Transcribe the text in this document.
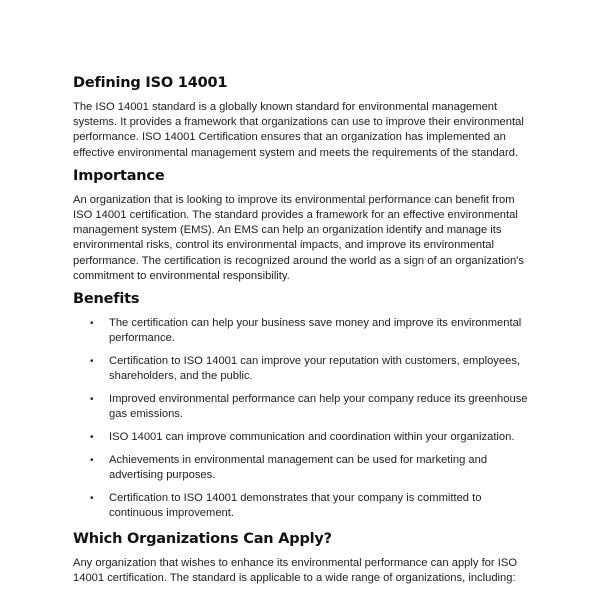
Defining ISO 14001

The ISO 14001 standard is a globally known standard for environmental management systems. It provides a framework that organizations can use to improve their environmental performance. ISO 14001 Certification ensures that an organization has implemented an effective environmental management system and meets the requirements of the standard.

Importance

An organization that is looking to improve its environmental performance can benefit from ISO 14001 certification. The standard provides a framework for an effective environmental management system (EMS). An EMS can help an organization identify and manage its environmental risks, control its environmental impacts, and improve its environmental performance. The certification is recognized around the world as a sign of an organization's commitment to environmental responsibility.

Benefits
• The certification can help your business save money and improve its environmental performance.
• Certification to ISO 14001 can improve your reputation with customers, employees, shareholders, and the public.
• Improved environmental performance can help your company reduce its greenhouse gas emissions.
• ISO 14001 can improve communication and coordination within your organization.
• Achievements in environmental management can be used for marketing and advertising purposes.
• Certification to ISO 14001 demonstrates that your company is committed to continuous improvement.
Which Organizations Can Apply?

Any organization that wishes to enhance its environmental performance can apply for ISO 14001 certification. The standard is applicable to a wide range of organizations, including:
